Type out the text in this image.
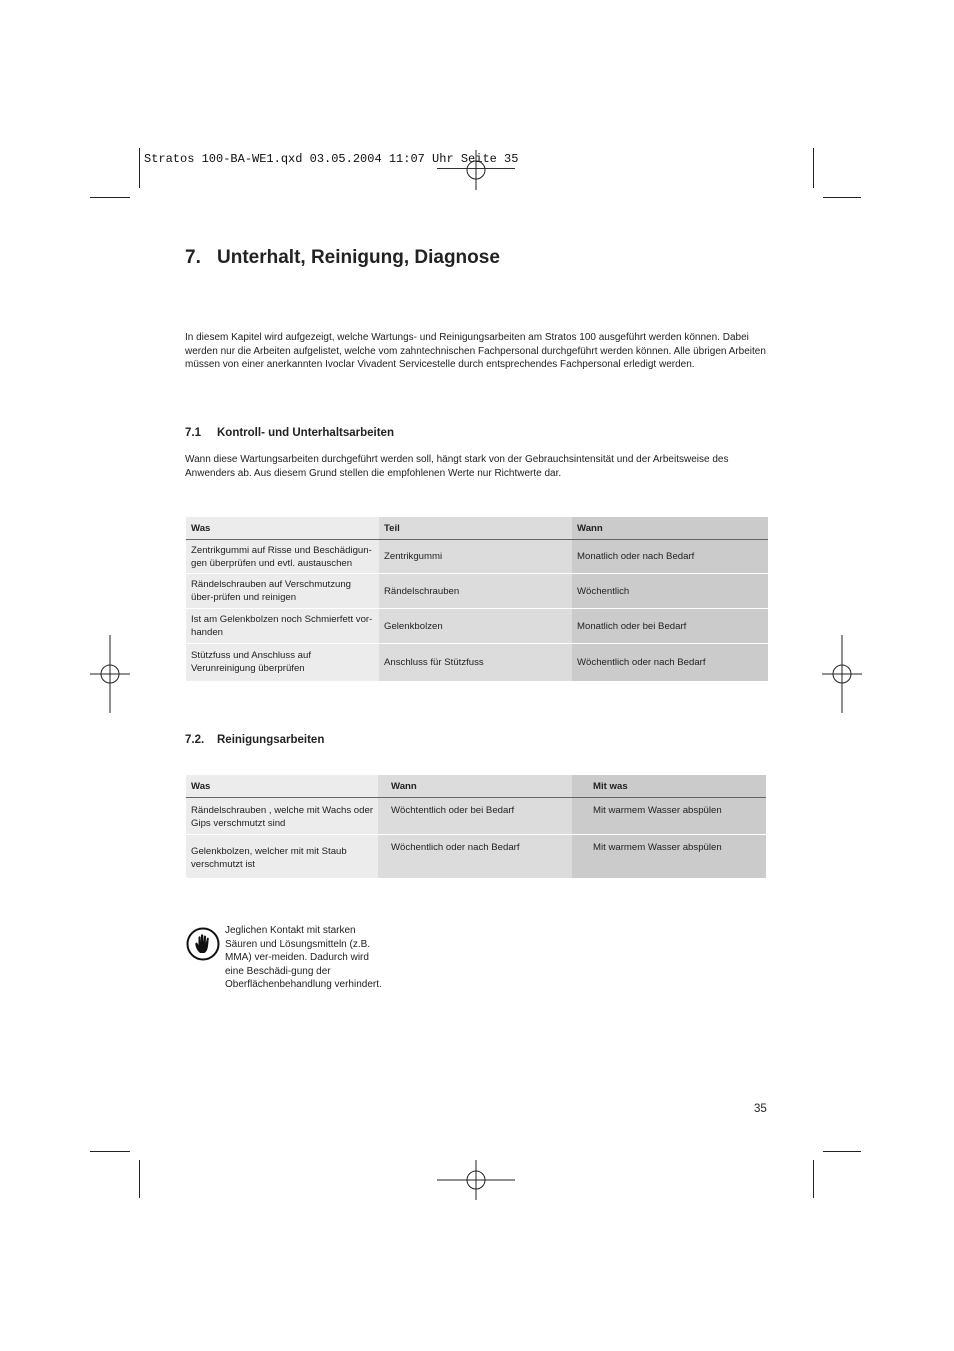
Stratos 100-BA-WE1.qxd 03.05.2004 11:07 Uhr Seite 35
7. Unterhalt, Reinigung, Diagnose

In diesem Kapitel wird aufgezeigt, welche Wartungs- und Reinigungsarbeiten am Stratos 100 ausgeführt werden können. Dabei werden nur die Arbeiten aufgelistet, welche vom zahntechnischen Fachpersonal durchgeführt werden können. Alle übrigen Arbeiten müssen von einer anerkannten Ivoclar Vivadent Servicestelle durch entsprechendes Fachpersonal erledigt werden.

7.1 Kontroll- und Unterhaltsarbeiten

Wann diese Wartungsarbeiten durchgeführt werden soll, hängt stark von der Gebrauchsintensität und der Arbeitsweise des Anwenders ab. Aus diesem Grund stellen die empfohlenen Werte nur Richtwerte dar.

Was	Teil	Wann
Zentrikgummi auf Risse und Beschädigun-gen überprüfen und evtl. austauschen	Zentrikgummi	Monatlich oder nach Bedarf
Rändelschrauben auf Verschmutzung über-prüfen und reinigen	Rändelschrauben	Wöchentlich
Ist am Gelenkbolzen noch Schmierfett vor-handen	Gelenkbolzen	Monatlich oder bei Bedarf
Stützfuss und Anschluss auf Verunreinigung überprüfen	Anschluss für Stützfuss	Wöchentlich oder nach Bedarf
7.2. Reinigungsarbeiten
Was	Wann	Mit was
Rändelschrauben , welche mit Wachs oder Gips verschmutzt sind	Wöchtentlich oder bei Bedarf	Mit warmem Wasser abspülen
Gelenkbolzen, welcher mit mit Staub verschmutzt ist	Wöchentlich oder nach Bedarf	Mit warmem Wasser abspülen

Jeglichen Kontakt mit starken Säuren und Lösungsmitteln (z.B. MMA) ver-meiden. Dadurch wird eine Beschädi-gung der Oberflächenbehandlung verhindert.

35
